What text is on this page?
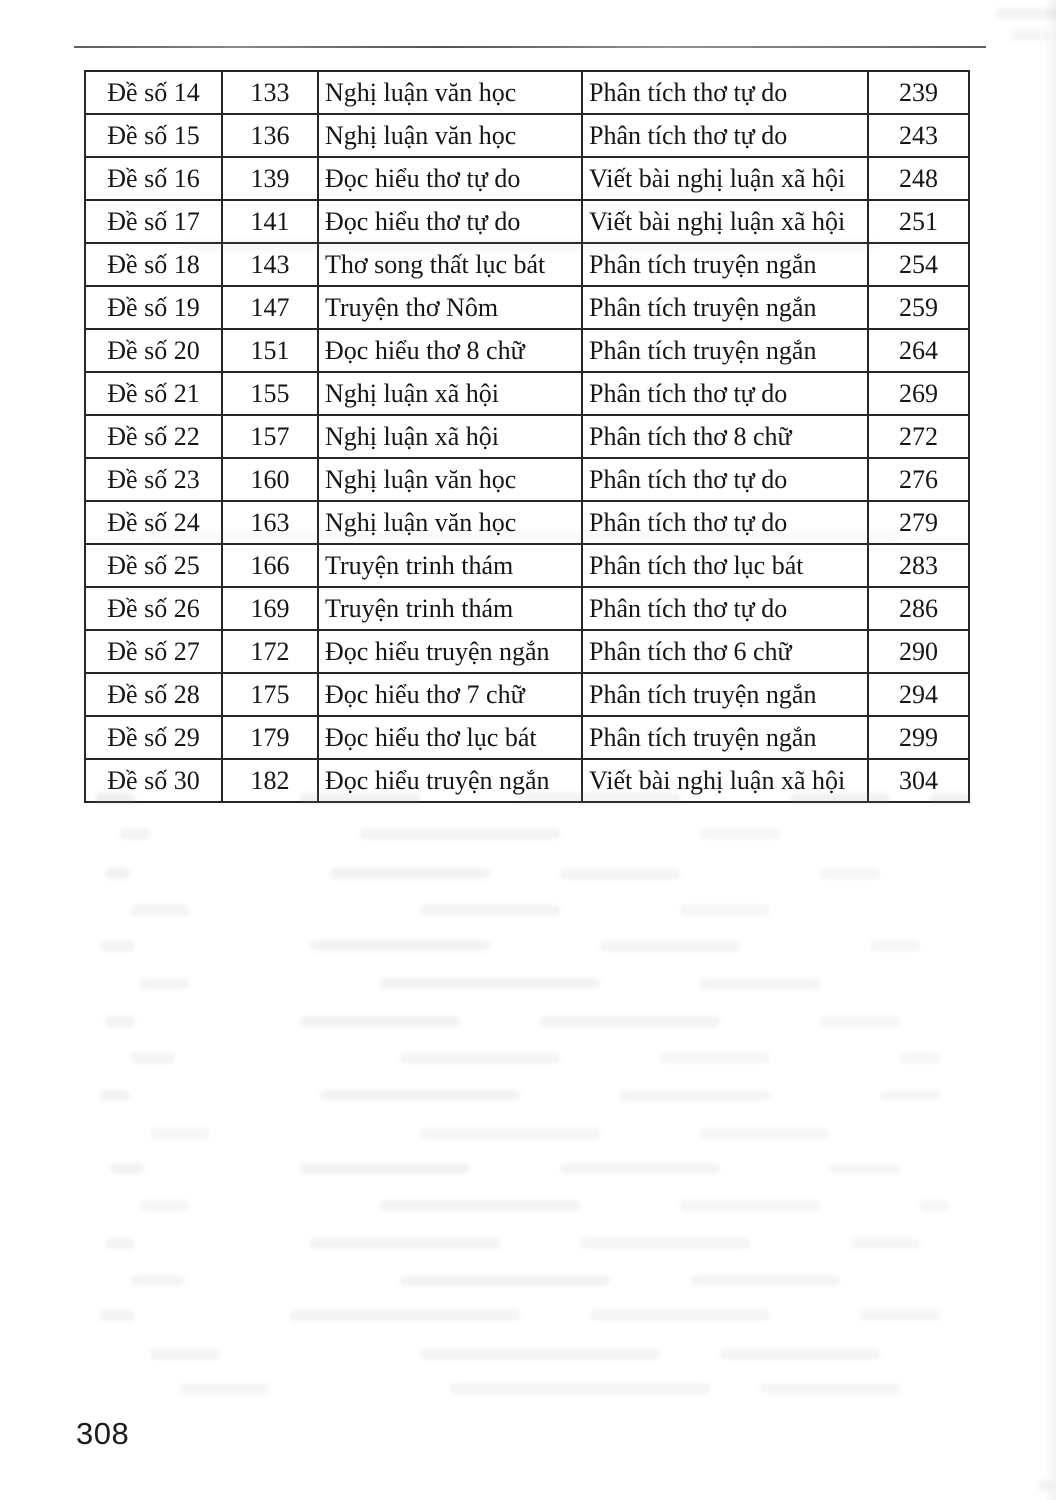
Đề số 14	133	Nghị luận văn học	Phân tích thơ tự do	239
Đề số 15	136	Nghị luận văn học	Phân tích thơ tự do	243
Đề số 16	139	Đọc hiểu thơ tự do	Viết bài nghị luận xã hội	248
Đề số 17	141	Đọc hiểu thơ tự do	Viết bài nghị luận xã hội	251
Đề số 18	143	Thơ song thất lục bát	Phân tích truyện ngắn	254
Đề số 19	147	Truyện thơ Nôm	Phân tích truyện ngắn	259
Đề số 20	151	Đọc hiểu thơ 8 chữ	Phân tích truyện ngắn	264
Đề số 21	155	Nghị luận xã hội	Phân tích thơ tự do	269
Đề số 22	157	Nghị luận xã hội	Phân tích thơ 8 chữ	272
Đề số 23	160	Nghị luận văn học	Phân tích thơ tự do	276
Đề số 24	163	Nghị luận văn học	Phân tích thơ tự do	279
Đề số 25	166	Truyện trinh thám	Phân tích thơ lục bát	283
Đề số 26	169	Truyện trinh thám	Phân tích thơ tự do	286
Đề số 27	172	Đọc hiểu truyện ngắn	Phân tích thơ 6 chữ	290
Đề số 28	175	Đọc hiểu thơ 7 chữ	Phân tích truyện ngắn	294
Đề số 29	179	Đọc hiểu thơ lục bát	Phân tích truyện ngắn	299
Đề số 30	182	Đọc hiểu truyện ngắn	Viết bài nghị luận xã hội	304
308
